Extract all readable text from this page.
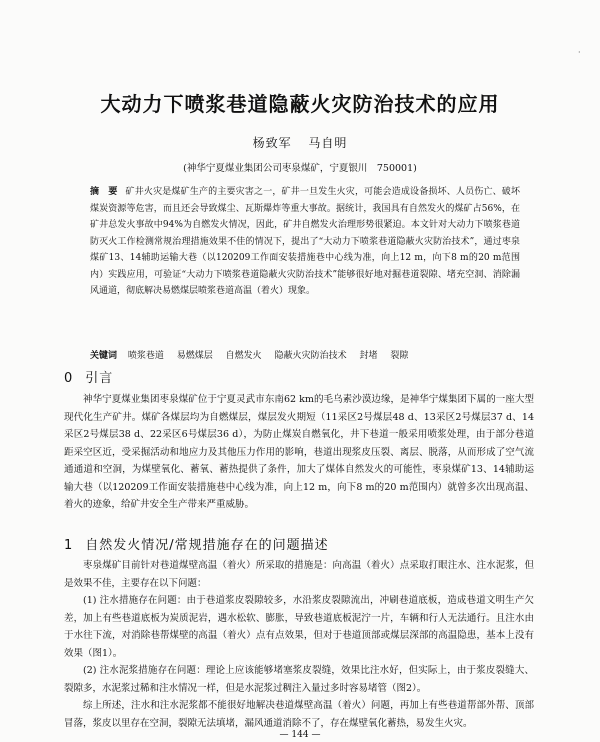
·
大动力下喷浆巷道隐蔽火灾防治技术的应用
杨致军 马自明
(神华宁夏煤业集团公司枣泉煤矿，宁夏银川　750001)
摘　要 矿井火灾是煤矿生产的主要灾害之一，矿井一旦发生火灾，可能会造成设备损坏、人员伤亡、破坏煤炭资源等危害，而且还会导致煤尘、瓦斯爆炸等重大事故。据统计，我国具有自然发火的煤矿占56%，在矿井总发火事故中94%为自燃发火情况，因此，矿井自燃发火治理形势很紧迫。本文针对大动力下喷浆巷道防灭火工作检测常规治理措施效果不佳的情况下，提出了“大动力下喷浆巷道隐蔽火灾防治技术”，通过枣泉煤矿13、14辅助运输大巷（以120209工作面安装措施巷中心线为准，向上12 m，向下8 m的20 m范围内）实践应用，可验证“大动力下喷浆巷道隐蔽火灾防治技术”能够很好地对掘巷道裂隙、堵充空洞、消除漏风通道，彻底解决易燃煤层喷浆巷道高温（着火）现象。
关键词 喷浆巷道 易燃煤层 自燃发火 隐蔽火灾防治技术 封堵 裂隙
0 引言
神华宁夏煤业集团枣泉煤矿位于宁夏灵武市东南62 km的毛乌素沙漠边缘，是神华宁煤集团下属的一座大型现代化生产矿井。煤矿各煤层均为自燃煤层，煤层发火期短（11采区2号煤层48 d、13采区2号煤层37 d、14采区2号煤层38 d、22采区6号煤层36 d），为防止煤炭自燃氧化，井下巷道一般采用喷浆处理，由于部分巷道距采空区近，受采掘活动和地应力及其他压力作用的影响，巷道出现浆皮压裂、离层、脱落，从而形成了空气流通通道和空洞，为煤壁氧化、蓄氧、蓄热提供了条件，加大了煤体自然发火的可能性，枣泉煤矿13、14辅助运输大巷（以120209工作面安装措施巷中心线为准，向上12 m，向下8 m的20 m范围内）就曾多次出现高温、着火的迹象，给矿井安全生产带来严重威胁。
1 自然发火情况/常规措施存在的问题描述
枣泉煤矿目前针对巷道煤壁高温（着火）所采取的措施是：向高温（着火）点采取打眼注水、注水泥浆，但是效果不佳，主要存在以下问题：
(1) 注水措施存在问题：由于巷道浆皮裂隙较多，水沿浆皮裂隙流出，冲刷巷道底板，造成巷道文明生产欠差，加上有些巷道底板为炭质泥岩，遇水松软、膨胀，导致巷道底板泥泞一片，车辆和行人无法通行。且注水由于水往下流，对消除巷帮煤壁的高温（着火）点有点效果，但对于巷道顶部或煤层深部的高温隐患，基本上没有效果（图1）。
(2) 注水泥浆措施存在问题：理论上应该能够堵塞浆皮裂缝，效果比注水好，但实际上，由于浆皮裂缝大、裂隙多，水泥浆过稀和注水情况一样，但是水泥浆过稠注入量过多时容易堵管（图2）。
综上所述，注水和注水泥浆都不能很好地解决巷道煤壁高温（着火）问题，再加上有些巷道帮部外帮、顶部冒落，浆皮以里存在空洞，裂隙无法填堵，漏风通道消除不了，存在煤壁氧化蓄热，易发生火灾。
— 144 —
